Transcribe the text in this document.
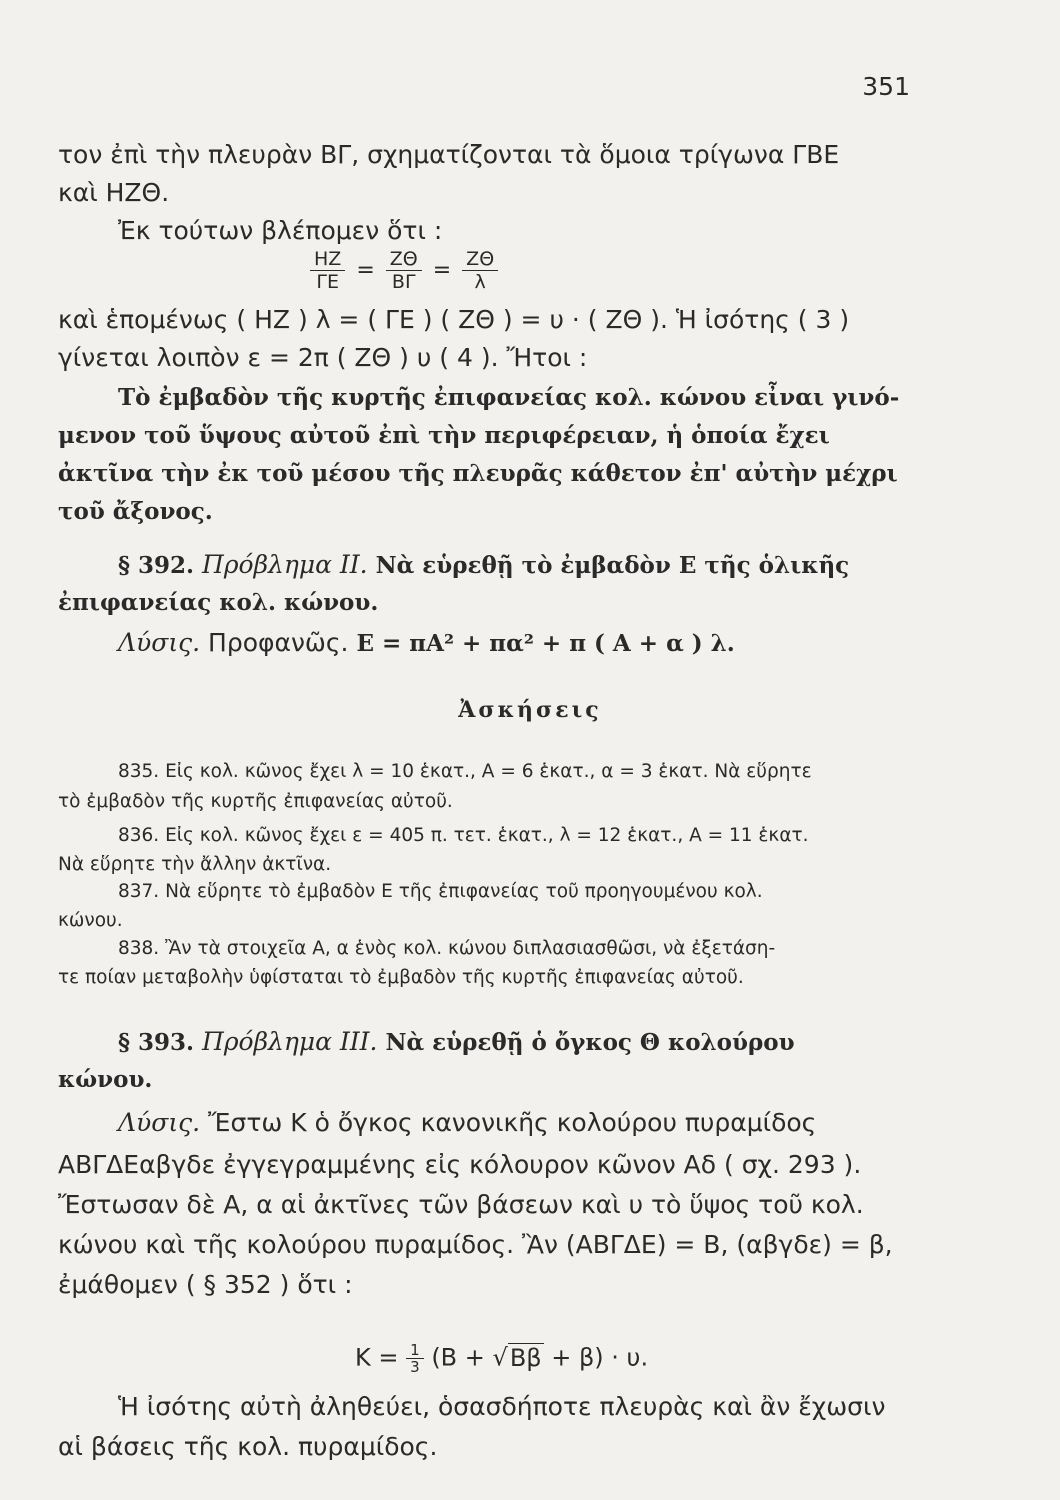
351
τον ἐπὶ τὴν πλευρὰν ΒΓ, σχηματίζονται τὰ ὅμοια τρίγωνα ΓΒΕ
καὶ ΗΖΘ.
Ἐκ τούτων βλέπομεν ὅτι :
$\frac{HZ}{\Gamma E} = \frac{Z\Theta}{B\Gamma} = \frac{Z\Theta}{\lambda}$
καὶ ἑπομένως ( ΗΖ ) λ = ( ΓΕ ) ( ΖΘ ) = υ · ( ΖΘ ). Ἡ ἰσότης ( 3 )
γίνεται λοιπὸν ε = 2π ( ΖΘ ) υ ( 4 ). Ἤτοι :
Τὸ ἐμβαδὸν τῆς κυρτῆς ἐπιφανείας κολ. κώνου εἶναι γινό-
μενον τοῦ ὕψους αὐτοῦ ἐπὶ τὴν περιφέρειαν, ἡ ὁποία ἔχει
ἀκτῖνα τὴν ἐκ τοῦ μέσου τῆς πλευρᾶς κάθετον ἐπ' αὐτὴν μέχρι
τοῦ ἄξονος.
§ 392. Πρόβλημα ΙΙ. Νὰ εὑρεθῇ τὸ ἐμβαδὸν Ε τῆς ὁλικῆς
ἐπιφανείας κολ. κώνου.
Λύσις. Προφανῶς. Ε = πΑ² + πα² + π ( Α + α ) λ.
Ἀσκήσεις
835. Εἰς κολ. κῶνος ἔχει λ = 10 ἑκατ., Α = 6 ἑκατ., α = 3 ἑκατ. Νὰ εὕρητε
τὸ ἐμβαδὸν τῆς κυρτῆς ἐπιφανείας αὐτοῦ.
836. Εἰς κολ. κῶνος ἔχει ε = 405 π. τετ. ἑκατ., λ = 12 ἑκατ., Α = 11 ἑκατ.
Νὰ εὕρητε τὴν ἄλλην ἀκτῖνα.
837. Νὰ εὕρητε τὸ ἐμβαδὸν Ε τῆς ἐπιφανείας τοῦ προηγουμένου κολ.
κώνου.
838. Ἂν τὰ στοιχεῖα Α, α ἑνὸς κολ. κώνου διπλασιασθῶσι, νὰ ἐξετάση-
τε ποίαν μεταβολὴν ὑφίσταται τὸ ἐμβαδὸν τῆς κυρτῆς ἐπιφανείας αὐτοῦ.
§ 393. Πρόβλημα ΙΙΙ. Νὰ εὑρεθῇ ὁ ὄγκος Θ κολούρου
κώνου.
Λύσις. Ἔστω Κ ὁ ὄγκος κανονικῆς κολούρου πυραμίδος
ΑΒΓΔΕαβγδε ἐγγεγραμμένης εἰς κόλουρον κῶνον Αδ ( σχ. 293 ).
Ἔστωσαν δὲ Α, α αἱ ἀκτῖνες τῶν βάσεων καὶ υ τὸ ὕψος τοῦ κολ.
κώνου καὶ τῆς κολούρου πυραμίδος. Ἂν (ΑΒΓΔΕ) = Β, (αβγδε) = β,
ἐμάθομεν ( § 352 ) ὅτι :
$K = \frac{1}{3} (B + √B\beta + \beta) \cdot \upsilon$.
Ἡ ἰσότης αὐτὴ ἀληθεύει, ὁσασδήποτε πλευρὰς καὶ ἂν ἔχωσιν
αἱ βάσεις τῆς κολ. πυραμίδος.
